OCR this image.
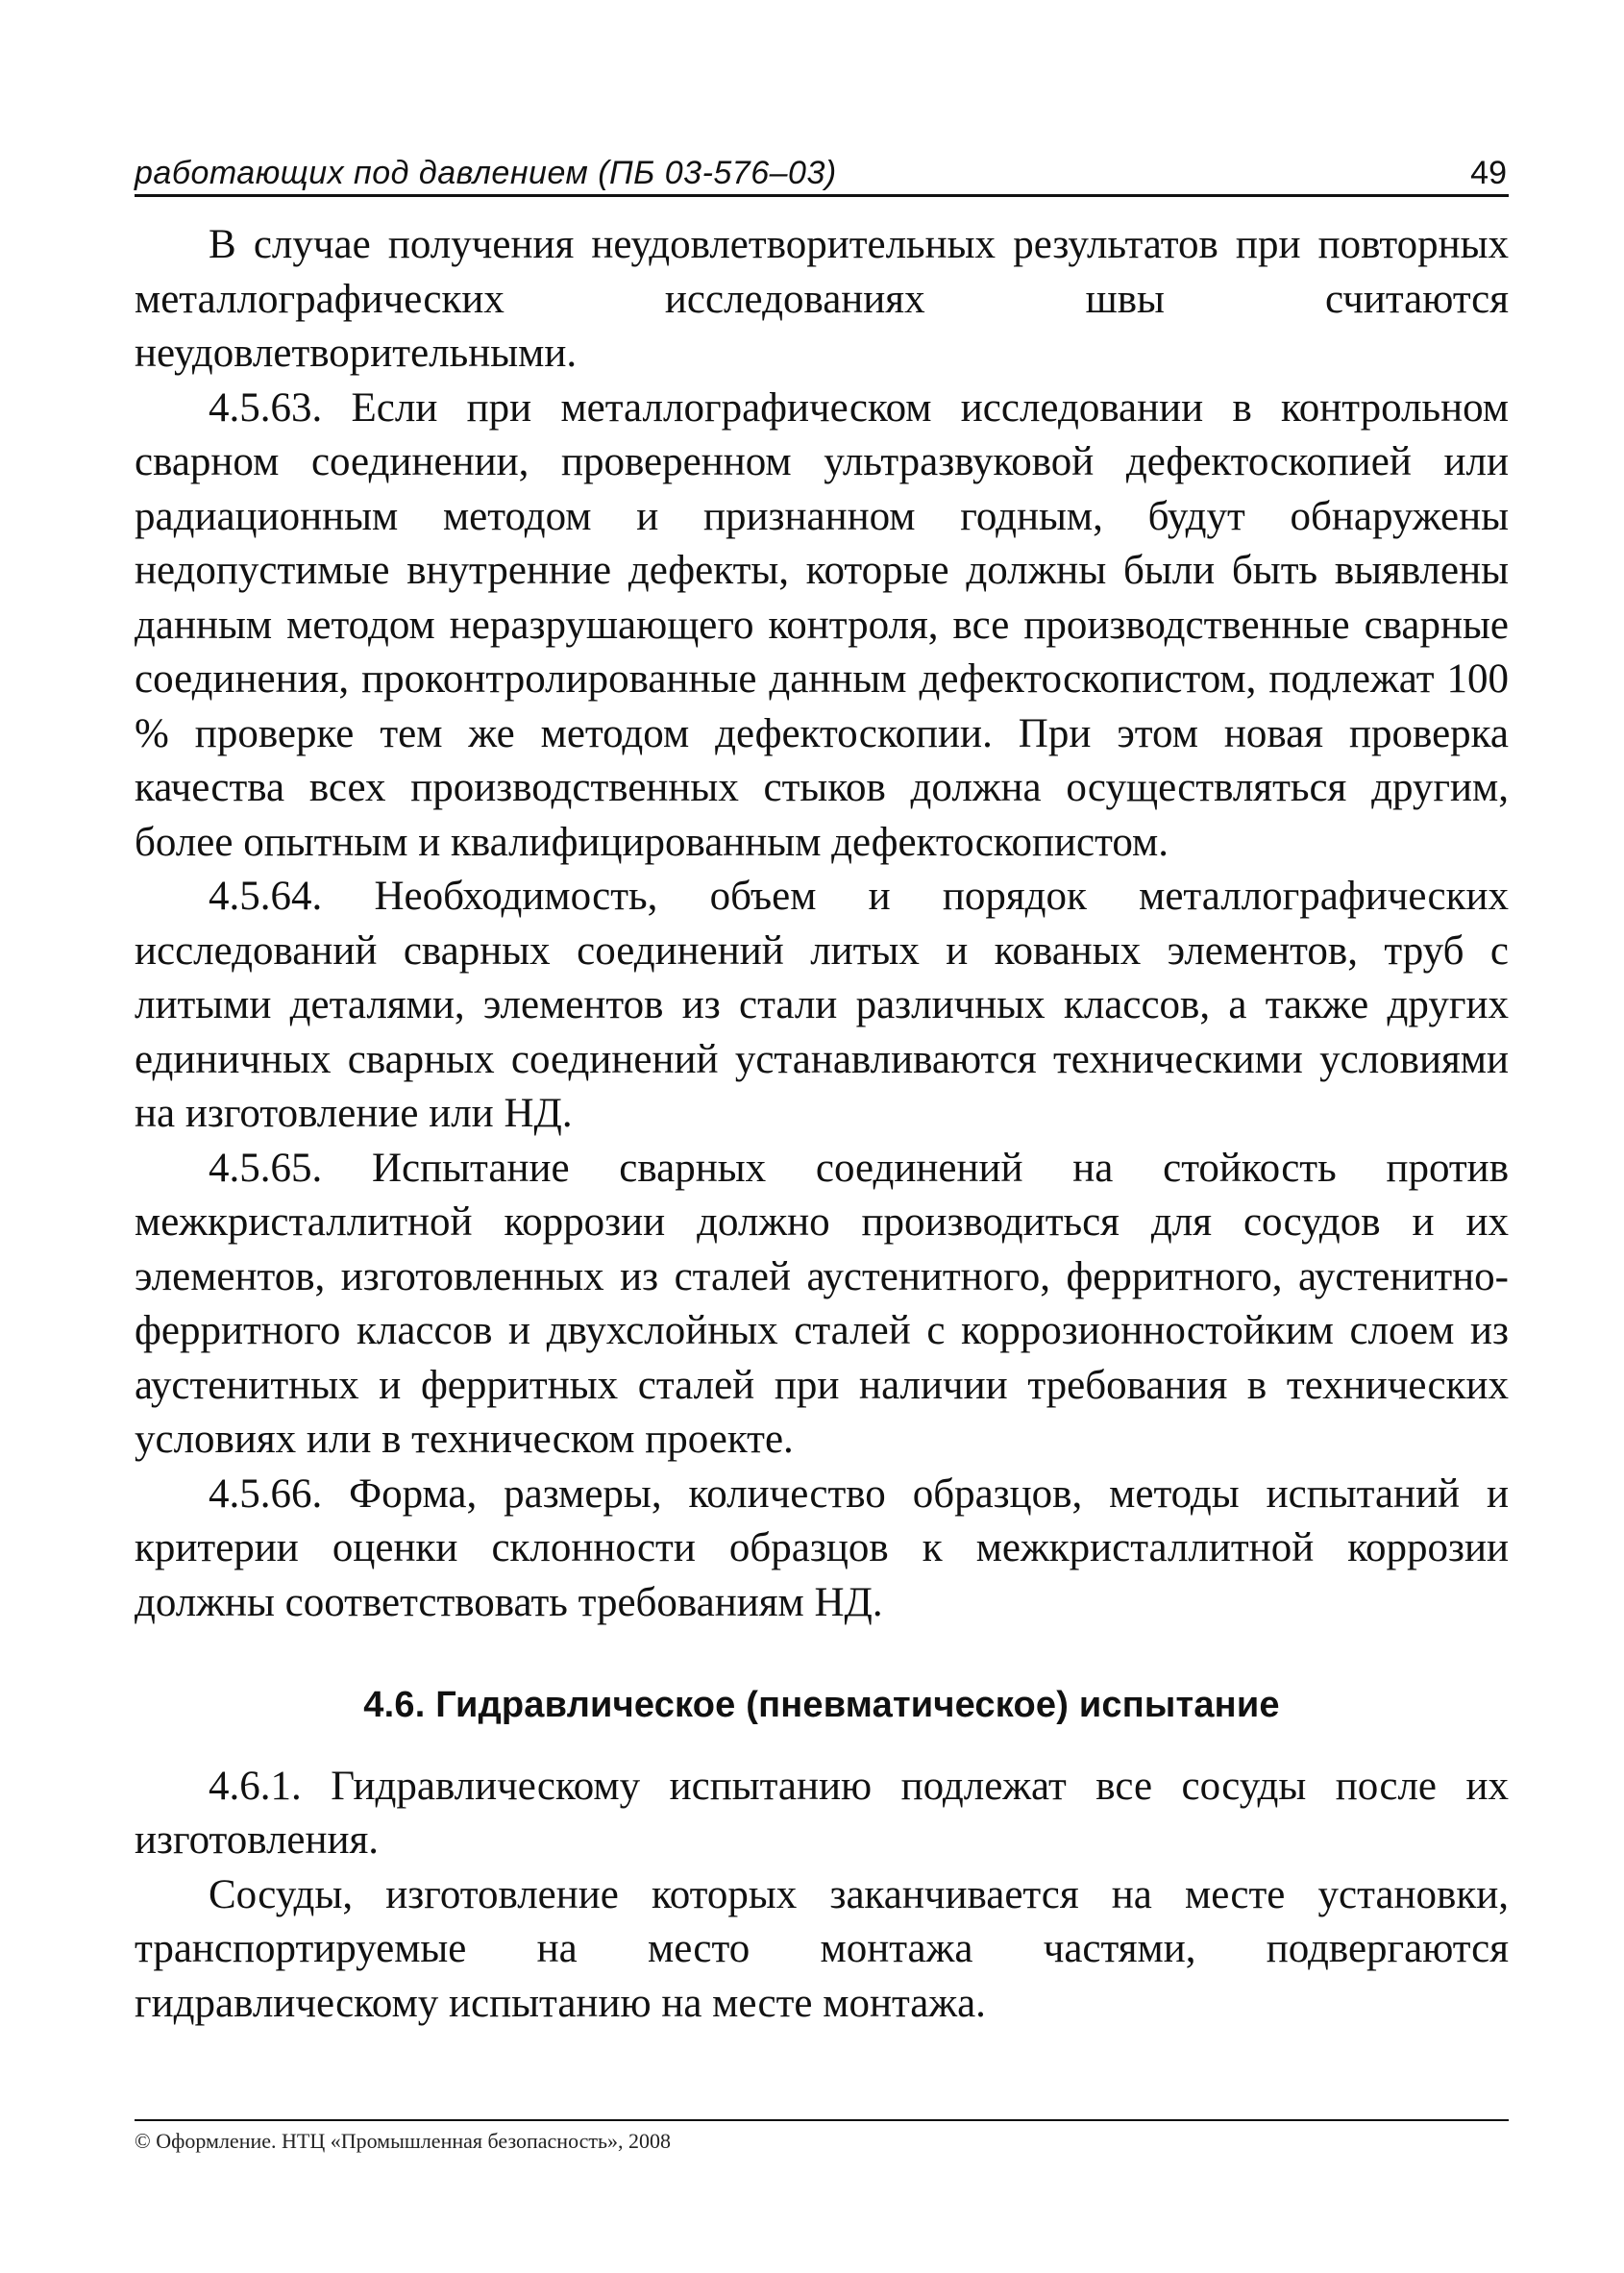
работающих под давлением (ПБ 03-576–03)	49

В случае получения неудовлетворительных результатов при повторных металлографических исследованиях швы считаются неудовлетворительными.

4.5.63. Если при металлографическом исследовании в контрольном сварном соединении, проверенном ультразвуковой дефектоскопией или радиационным методом и признанном годным, будут обнаружены недопустимые внутренние дефекты, которые должны были быть выявлены данным методом неразрушающего контроля, все производственные сварные соединения, проконтролированные данным дефектоскопистом, подлежат 100 % проверке тем же методом дефектоскопии. При этом новая проверка качества всех производственных стыков должна осуществляться другим, более опытным и квалифицированным дефектоскопистом.

4.5.64. Необходимость, объем и порядок металлографических исследований сварных соединений литых и кованых элементов, труб с литыми деталями, элементов из стали различных классов, а также других единичных сварных соединений устанавливаются техническими условиями на изготовление или НД.

4.5.65. Испытание сварных соединений на стойкость против межкристаллитной коррозии должно производиться для сосудов и их элементов, изготовленных из сталей аустенитного, ферритного, аустенитно-ферритного классов и двухслойных сталей с коррозионностойким слоем из аустенитных и ферритных сталей при наличии требования в технических условиях или в техническом проекте.

4.5.66. Форма, размеры, количество образцов, методы испытаний и критерии оценки склонности образцов к межкристаллитной коррозии должны соответствовать требованиям НД.

4.6. Гидравлическое (пневматическое) испытание

4.6.1. Гидравлическому испытанию подлежат все сосуды после их изготовления.

Сосуды, изготовление которых заканчивается на месте установки, транспортируемые на место монтажа частями, подвергаются гидравлическому испытанию на месте монтажа.

© Оформление. НТЦ «Промышленная безопасность», 2008
